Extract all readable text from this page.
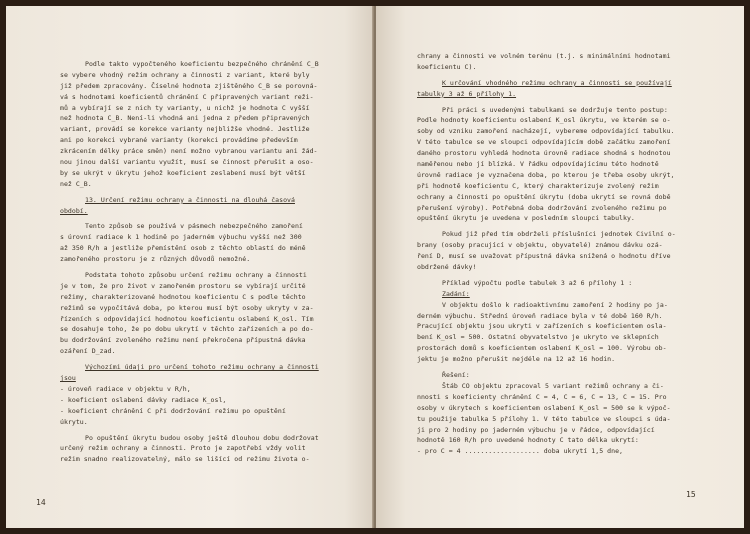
Podle takto vypočteného koeficientu bezpečného chránění C_B
se vybere vhodný režim ochrany a činnosti z variant, které byly
již předem zpracovány. Číselné hodnota zjištěného C_B se porovná-
vá s hodnotami koeficientů chránění C připravených variant reži-
mů a vybírají se z nich ty varianty, u nichž je hodnota C vyšší
než hodnota C_B. Není-li vhodná ani jedna z předem připravených
variant, provádí se korekce varianty nejbližše vhodné. Jestliže
ani po korekci vybrané varianty (korekci provádíme především
zkrácením délky práce směn) není možno vybranou variantu ani žád-
nou jinou další variantu využít, musí se činnost přerušit a oso-
by se ukrýt v úkrytu jehož koeficient zeslabení musí být větší
než C_B.
13. Určení režimu ochrany a činnosti na dlouhá časová
období.
Tento způsob se používá v pásmech nebezpečného zamoření
s úrovní radiace k 1 hodině po jaderném výbuchu vyšší než 300
až 350 R/h a jestliže přemístění osob z těchto oblastí do méně
zamořeného prostoru je z různých důvodů nemožné.
Podstata tohoto způsobu určení režimu ochrany a činnosti
je v tom, že pro život v zamořeném prostoru se vybírají určité
režimy, charakterizované hodnotou koeficientu C s podle těchto
režimů se vypočítává doba, po kterou musí být osoby ukryty v za-
řízeních s odpovídající hodnotou koeficientu oslabení K_osl. Tím
se dosahuje toho, že po dobu ukrytí v těchto zařízeních a po do-
bu dodržování zvoleného režimu není překročena přípustná dávka
ozáření D_zad.
Výchozími údaji pro určení tohoto režimu ochrany a činnosti
jsou
- úroveň radiace v objektu v R/h,
- koeficient oslabení dávky radiace K_osl,
- koeficient chránění C při dodržování režimu po opuštění
úkrytu.
Po opuštění úkrytu budou osoby ještě dlouhou dobu dodržovat
určený režim ochrany a činnosti. Proto je zapotřebí vždy volit
režim snadno realizovatelný, málo se lišící od režimu života o-
14
chrany a činnosti ve volném terénu (t.j. s minimálními hodnotami
koeficientu C).
K určování vhodného režimu ochrany a činnosti se používají
tabulky 3 až 6 přílohy 1.
Při práci s uvedenými tabulkami se dodržuje tento postup:
Podle hodnoty koeficientu oslabení K_osl úkrytu, ve kterém se o-
soby od vzniku zamoření nacházejí, vybereme odpovídající tabulku.
V této tabulce se ve sloupci odpovídajícím době začátku zamoření
daného prostoru vyhledá hodnota úrovně radiace shodná s hodnotou
naměřenou nebo jí blízká. V řádku odpovídajícímu této hodnotě
úrovně radiace je vyznačena doba, po kterou je třeba osoby ukrýt,
při hodnotě koeficientu C, který charakterizuje zvolený režim
ochrany a činnosti po opuštění úkrytu (doba ukrytí se rovná době
přerušení výroby). Potřebná doba dodržování zvoleného režimu po
opuštění úkrytu je uvedena v posledním sloupci tabulky.
Pokud již před tím obdrželi příslušníci jednotek Civilní o-
brany (osoby pracující v objektu, obyvatelé) známou dávku ozá-
ření D, musí se uvažovat přípustná dávka snížená o hodnotu dříve
obdržené dávky!
Příklad výpočtu podle tabulek 3 až 6 přílohy 1 :
Zadání:
V objektu došlo k radioaktivnímu zamoření 2 hodiny po ja-
derném výbuchu. Střední úroveň radiace byla v té době 160 R/h.
Pracující objektu jsou ukryti v zařízeních s koeficientem osla-
bení K_osl = 500. Ostatní obyvatelstvo je ukryto ve sklepních
prostorách domů s koeficientem oslabení K_osl = 100. Výrobu ob-
jektu je možno přerušit nejdéle na 12 až 16 hodin.
Řešení:
Štáb CO objektu zpracoval 5 variant režimů ochrany a či-
nnosti s koeficienty chránění C = 4, C = 6, C = 13, C = 15. Pro
osoby v úkrytech s koeficientem oslabení K_osl = 500 se k výpoč-
tu použije tabulka 5 přílohy 1. V této tabulce ve sloupci s úda-
ji pro 2 hodiny po jaderném výbuchu je v řádce, odpovídající
hodnotě 160 R/h pro uvedené hodnoty C tato délka ukrytí:
- pro C = 4 ................... doba ukrytí 1,5 dne,
15
